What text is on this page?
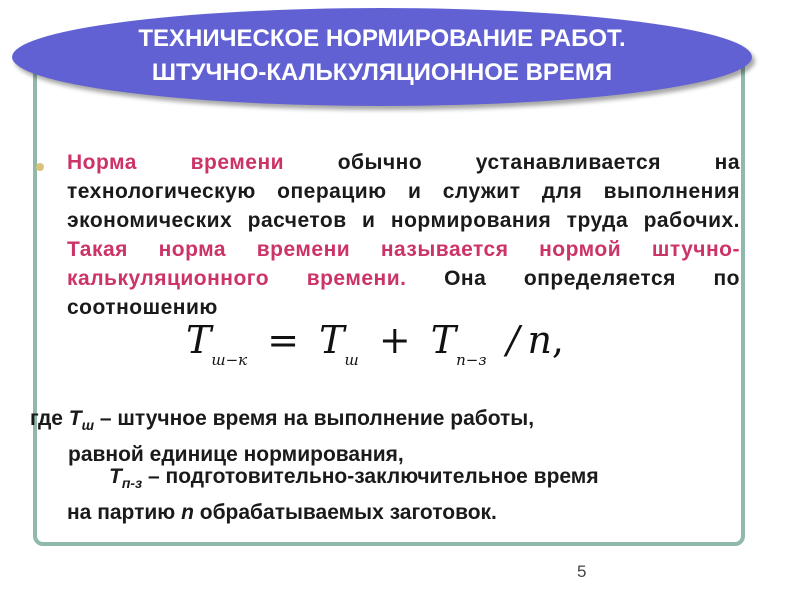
ТЕХНИЧЕСКОЕ НОРМИРОВАНИЕ РАБОТ.
ШТУЧНО-КАЛЬКУЛЯЦИОННОЕ ВРЕМЯ

Норма времени обычно устанавливается на технологическую операцию и служит для выполнения экономических расчетов и нормирования труда рабочих. Такая норма времени называется нормой штучно-калькуляционного времени. Она определяется по соотношению

$T_{ш-к} = T_ш + T_{п-з} / n$,

где $Т_ш$ – штучное время на выполнение работы,
равной единице нормирования,

$Т_{п-з}$ – подготовительно-заключительное время
на партию n обрабатываемых заготовок.

5
